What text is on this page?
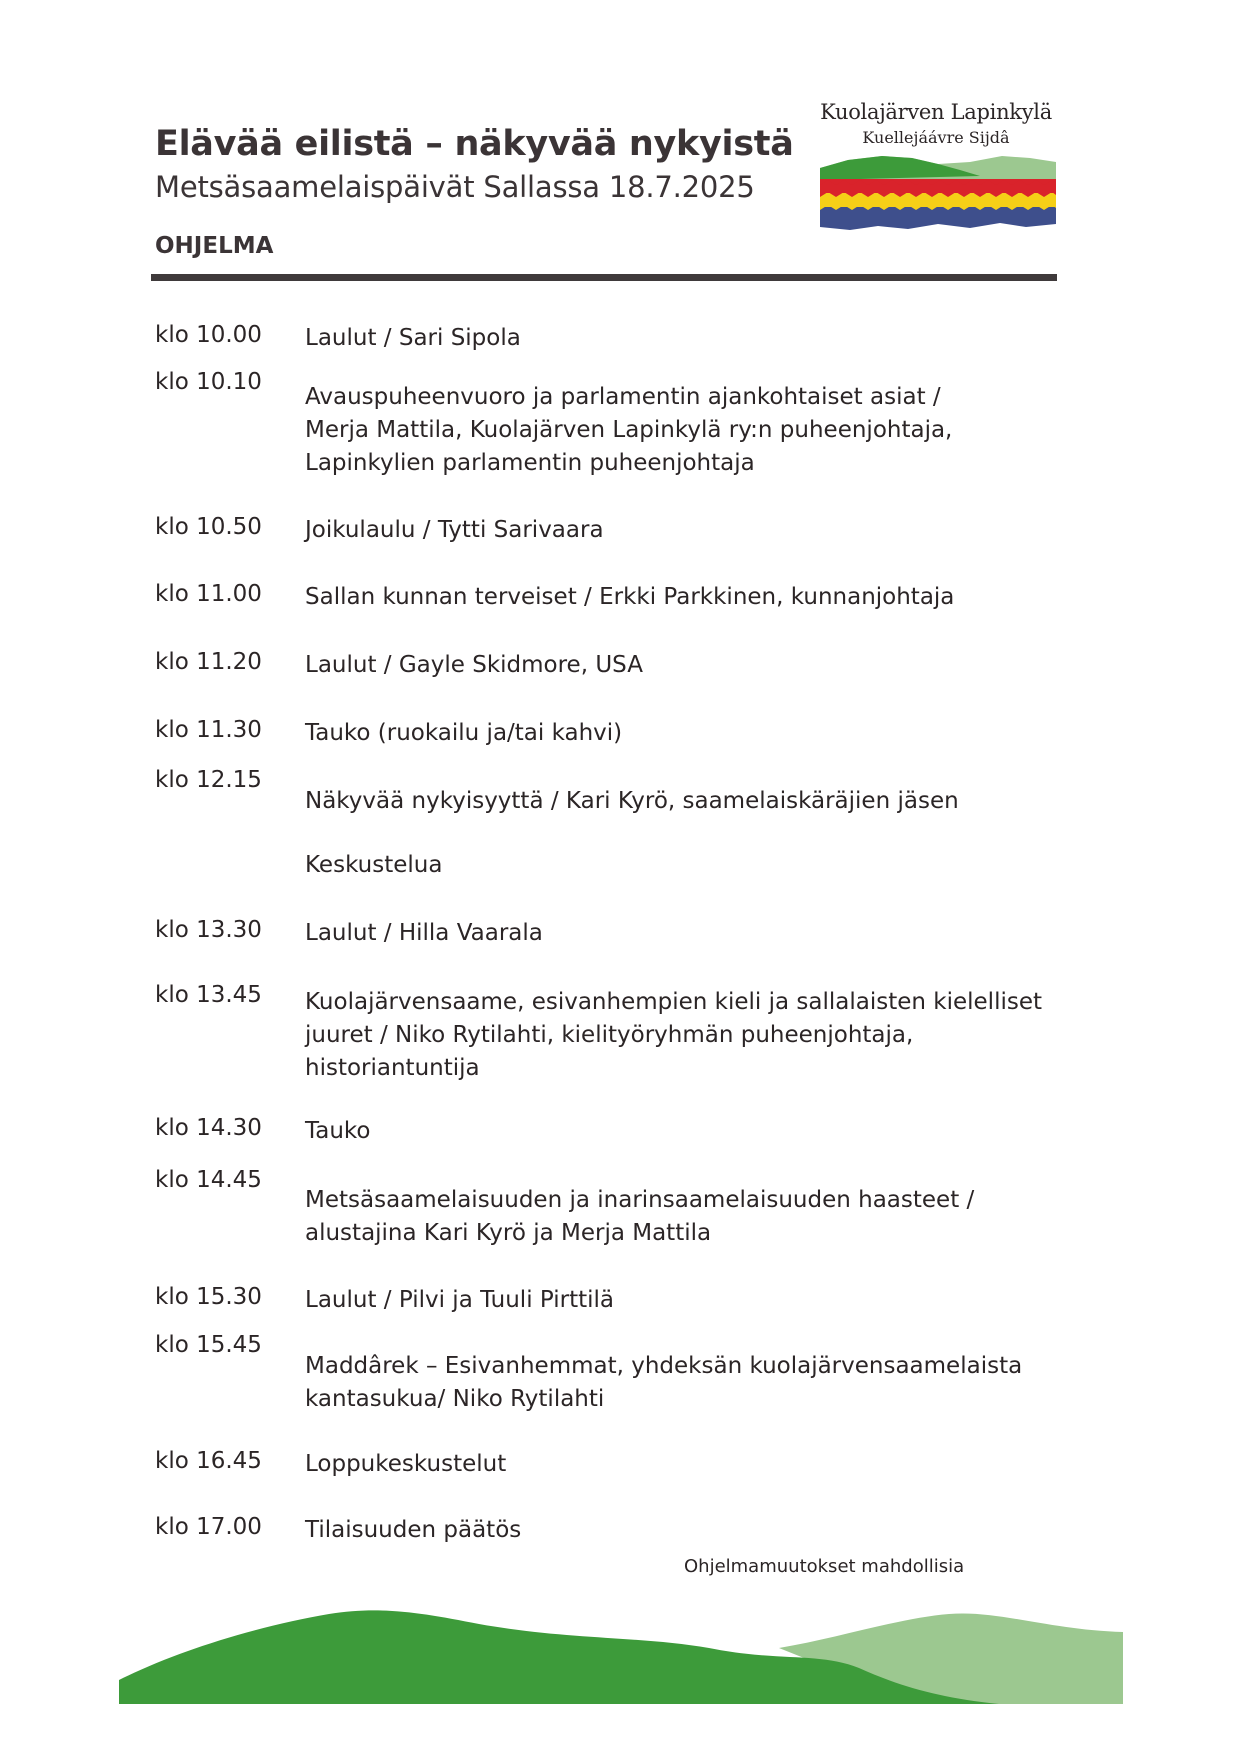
Elävää eilistä – näkyvää nykyistä
Metsäsaamelaispäivät Sallassa 18.7.2025
OHJELMA
Kuolajärven Lapinkylä
Kuellejáávre Sijdâ
klo 10.00 Laulut / Sari Sipola
klo 10.10
Avauspuheenvuoro ja parlamentin ajankohtaiset asiat /
Merja Mattila, Kuolajärven Lapinkylä ry:n puheenjohtaja,
Lapinkylien parlamentin puheenjohtaja
klo 10.50 Joikulaulu / Tytti Sarivaara
klo 11.00 Sallan kunnan terveiset / Erkki Parkkinen, kunnanjohtaja
klo 11.20 Laulut / Gayle Skidmore, USA
klo 11.30 Tauko (ruokailu ja/tai kahvi)
klo 12.15
Näkyvää nykyisyyttä / Kari Kyrö, saamelaiskäräjien jäsen
Keskustelua
klo 13.30 Laulut / Hilla Vaarala
klo 13.45 Kuolajärvensaame, esivanhempien kieli ja sallalaisten kielelliset
juuret / Niko Rytilahti, kielityöryhmän puheenjohtaja,
historiantuntija
klo 14.30 Tauko
klo 14.45
Metsäsaamelaisuuden ja inarinsaamelaisuuden haasteet /
alustajina Kari Kyrö ja Merja Mattila
klo 15.30 Laulut / Pilvi ja Tuuli Pirttilä
klo 15.45
Maddârek – Esivanhemmat, yhdeksän kuolajärvensaamelaista
kantasukua/ Niko Rytilahti
klo 16.45 Loppukeskustelut
klo 17.00 Tilaisuuden päätös
Ohjelmamuutokset mahdollisia
